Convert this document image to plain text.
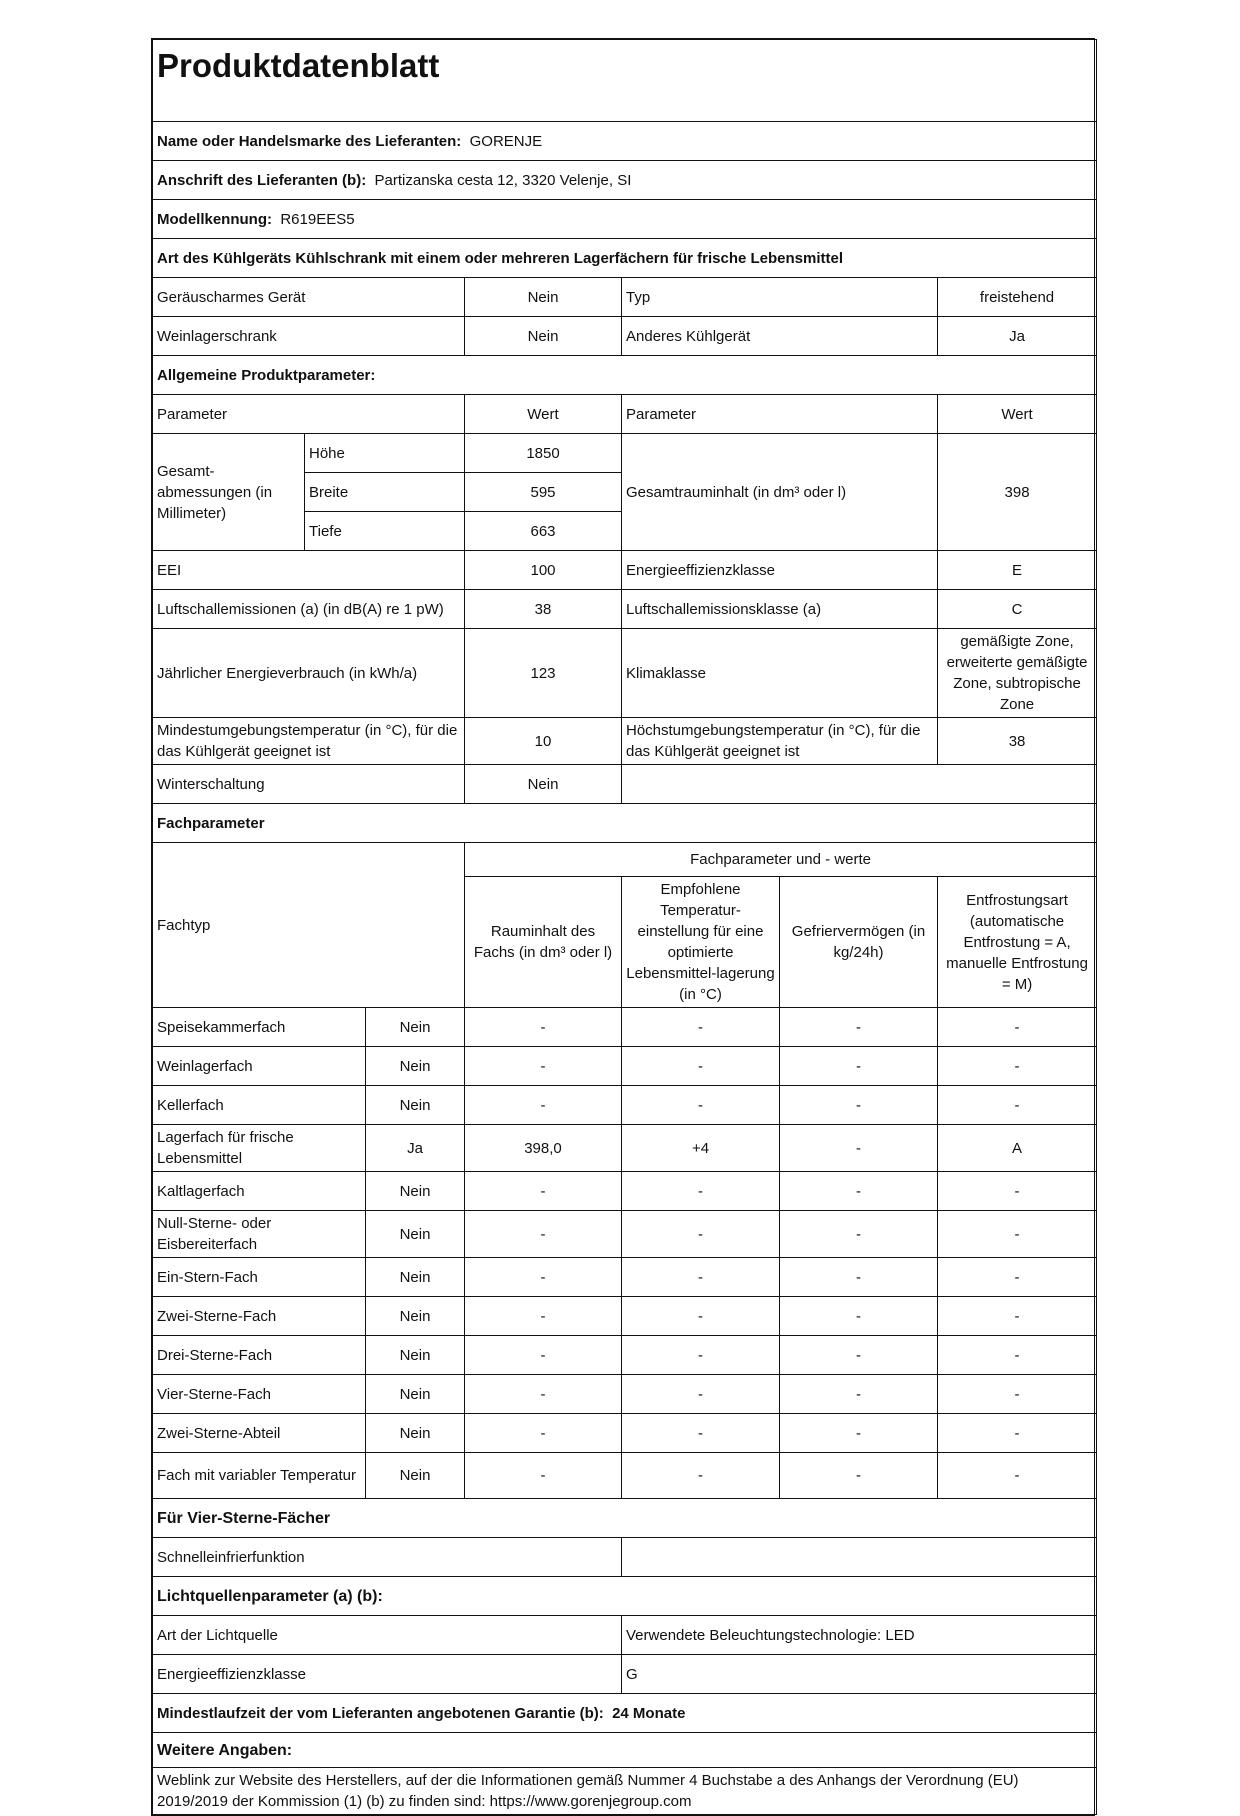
Produktdatenblatt						
Name oder Handelsmarke des Lieferanten: GORENJE						
Anschrift des Lieferanten (b): Partizanska cesta 12, 3320 Velenje, SI						
Modellkennung: R619EES5						
Art des Kühlgeräts Kühlschrank mit einem oder mehreren Lagerfächern für frische Lebensmittel						
Geräuscharmes Gerät			Nein	Typ		freistehend
Weinlagerschrank			Nein	Anderes Kühlgerät		Ja
Allgemeine Produktparameter:						
Parameter			Wert	Parameter		Wert
Gesamt-abmessungen (in Millimeter)	Höhe		1850	Gesamtrauminhalt (in dm³ oder l)		398
	Breite		595			
	Tiefe		663			
EEI			100	Energieeffizienzklasse		E
Luftschallemissionen (a) (in dB(A) re 1 pW)			38	Luftschallemissionsklasse (a)		C
Jährlicher Energieverbrauch (in kWh/a)			123	Klimaklasse		gemäßigte Zone, erweiterte gemäßigte Zone, subtropische Zone
Mindestumgebungstemperatur (in °C), für die das Kühlgerät geeignet ist			10	Höchstumgebungstemperatur (in °C), für die das Kühlgerät geeignet ist		38
Winterschaltung			Nein			
Fachparameter						
Fachtyp			Fachparameter und - werte			
			Rauminhalt des Fachs (in dm³ oder l)	Empfohlene Temperatur-einstellung für eine optimierte Lebensmittel-lagerung (in °C)	Gefriervermögen (in kg/24h)	Entfrostungsart (automatische Entfrostung = A, manuelle Entfrostung = M)
Speisekammerfach		Nein	-	-	-	-
Weinlagerfach		Nein	-	-	-	-
Kellerfach		Nein	-	-	-	-
Lagerfach für frische Lebensmittel		Ja	398,0	+4	-	A
Kaltlagerfach		Nein	-	-	-	-
Null-Sterne- oder Eisbereiterfach		Nein	-	-	-	-
Ein-Stern-Fach		Nein	-	-	-	-
Zwei-Sterne-Fach		Nein	-	-	-	-
Drei-Sterne-Fach		Nein	-	-	-	-
Vier-Sterne-Fach		Nein	-	-	-	-
Zwei-Sterne-Abteil		Nein	-	-	-	-
Fach mit variabler Temperatur		Nein	-	-	-	-
Für Vier-Sterne-Fächer						
Schnelleinfrierfunktion						
Lichtquellenparameter (a) (b):						
Art der Lichtquelle				Verwendete Beleuchtungstechnologie: LED		
Energieeffizienzklasse				G		
Mindestlaufzeit der vom Lieferanten angebotenen Garantie (b): 24 Monate						
Weitere Angaben:						
Weblink zur Website des Herstellers, auf der die Informationen gemäß Nummer 4 Buchstabe a des Anhangs der Verordnung (EU) 2019/2019 der Kommission (1) (b) zu finden sind: https://www.gorenjegroup.com						
